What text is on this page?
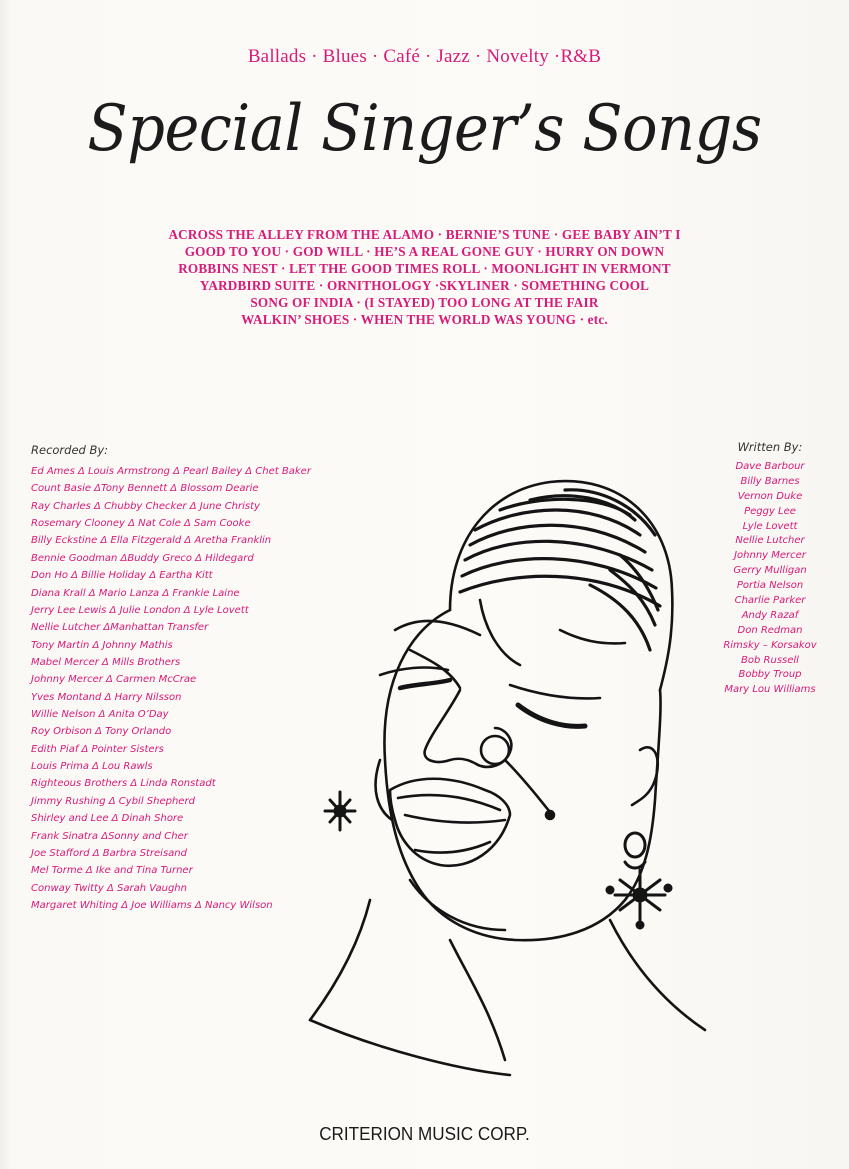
Ballads · Blues · Café · Jazz · Novelty ·R&B
Special Singer’s Songs
ACROSS THE ALLEY FROM THE ALAMO · BERNIE’S TUNE · GEE BABY AIN’T I
GOOD TO YOU · GOD WILL · HE’S A REAL GONE GUY · HURRY ON DOWN
ROBBINS NEST · LET THE GOOD TIMES ROLL · MOONLIGHT IN VERMONT
YARDBIRD SUITE · ORNITHOLOGY ·SKYLINER · SOMETHING COOL
SONG OF INDIA · (I STAYED) TOO LONG AT THE FAIR
WALKIN’ SHOES · WHEN THE WORLD WAS YOUNG · etc.
Recorded By:
Ed Ames Δ Louis Armstrong Δ Pearl Bailey Δ Chet Baker
Count Basie ΔTony Bennett Δ Blossom Dearie
Ray Charles Δ Chubby Checker Δ June Christy
Rosemary Clooney Δ Nat Cole Δ Sam Cooke
Billy Eckstine Δ Ella Fitzgerald Δ Aretha Franklin
Bennie Goodman ΔBuddy Greco Δ Hildegard
Don Ho Δ Billie Holiday Δ Eartha Kitt
Diana Krall Δ Mario Lanza Δ Frankie Laine
Jerry Lee Lewis Δ Julie London Δ Lyle Lovett
Nellie Lutcher ΔManhattan Transfer
Tony Martin Δ Johnny Mathis
Mabel Mercer Δ Mills Brothers
Johnny Mercer Δ Carmen McCrae
Yves Montand Δ Harry Nilsson
Willie Nelson Δ Anita O’Day
Roy Orbison Δ Tony Orlando
Edith Piaf Δ Pointer Sisters
Louis Prima Δ Lou Rawls
Righteous Brothers Δ Linda Ronstadt
Jimmy Rushing Δ Cybil Shepherd
Shirley and Lee Δ Dinah Shore
Frank Sinatra ΔSonny and Cher
Joe Stafford Δ Barbra Streisand
Mel Torme Δ Ike and Tina Turner
Conway Twitty Δ Sarah Vaughn
Margaret Whiting Δ Joe Williams Δ Nancy Wilson
Written By:
Dave Barbour
Billy Barnes
Vernon Duke
Peggy Lee
Lyle Lovett
Nellie Lutcher
Johnny Mercer
Gerry Mulligan
Portia Nelson
Charlie Parker
Andy Razaf
Don Redman
Rimsky – Korsakov
Bob Russell
Bobby Troup
Mary Lou Williams
CRITERION MUSIC CORP.
